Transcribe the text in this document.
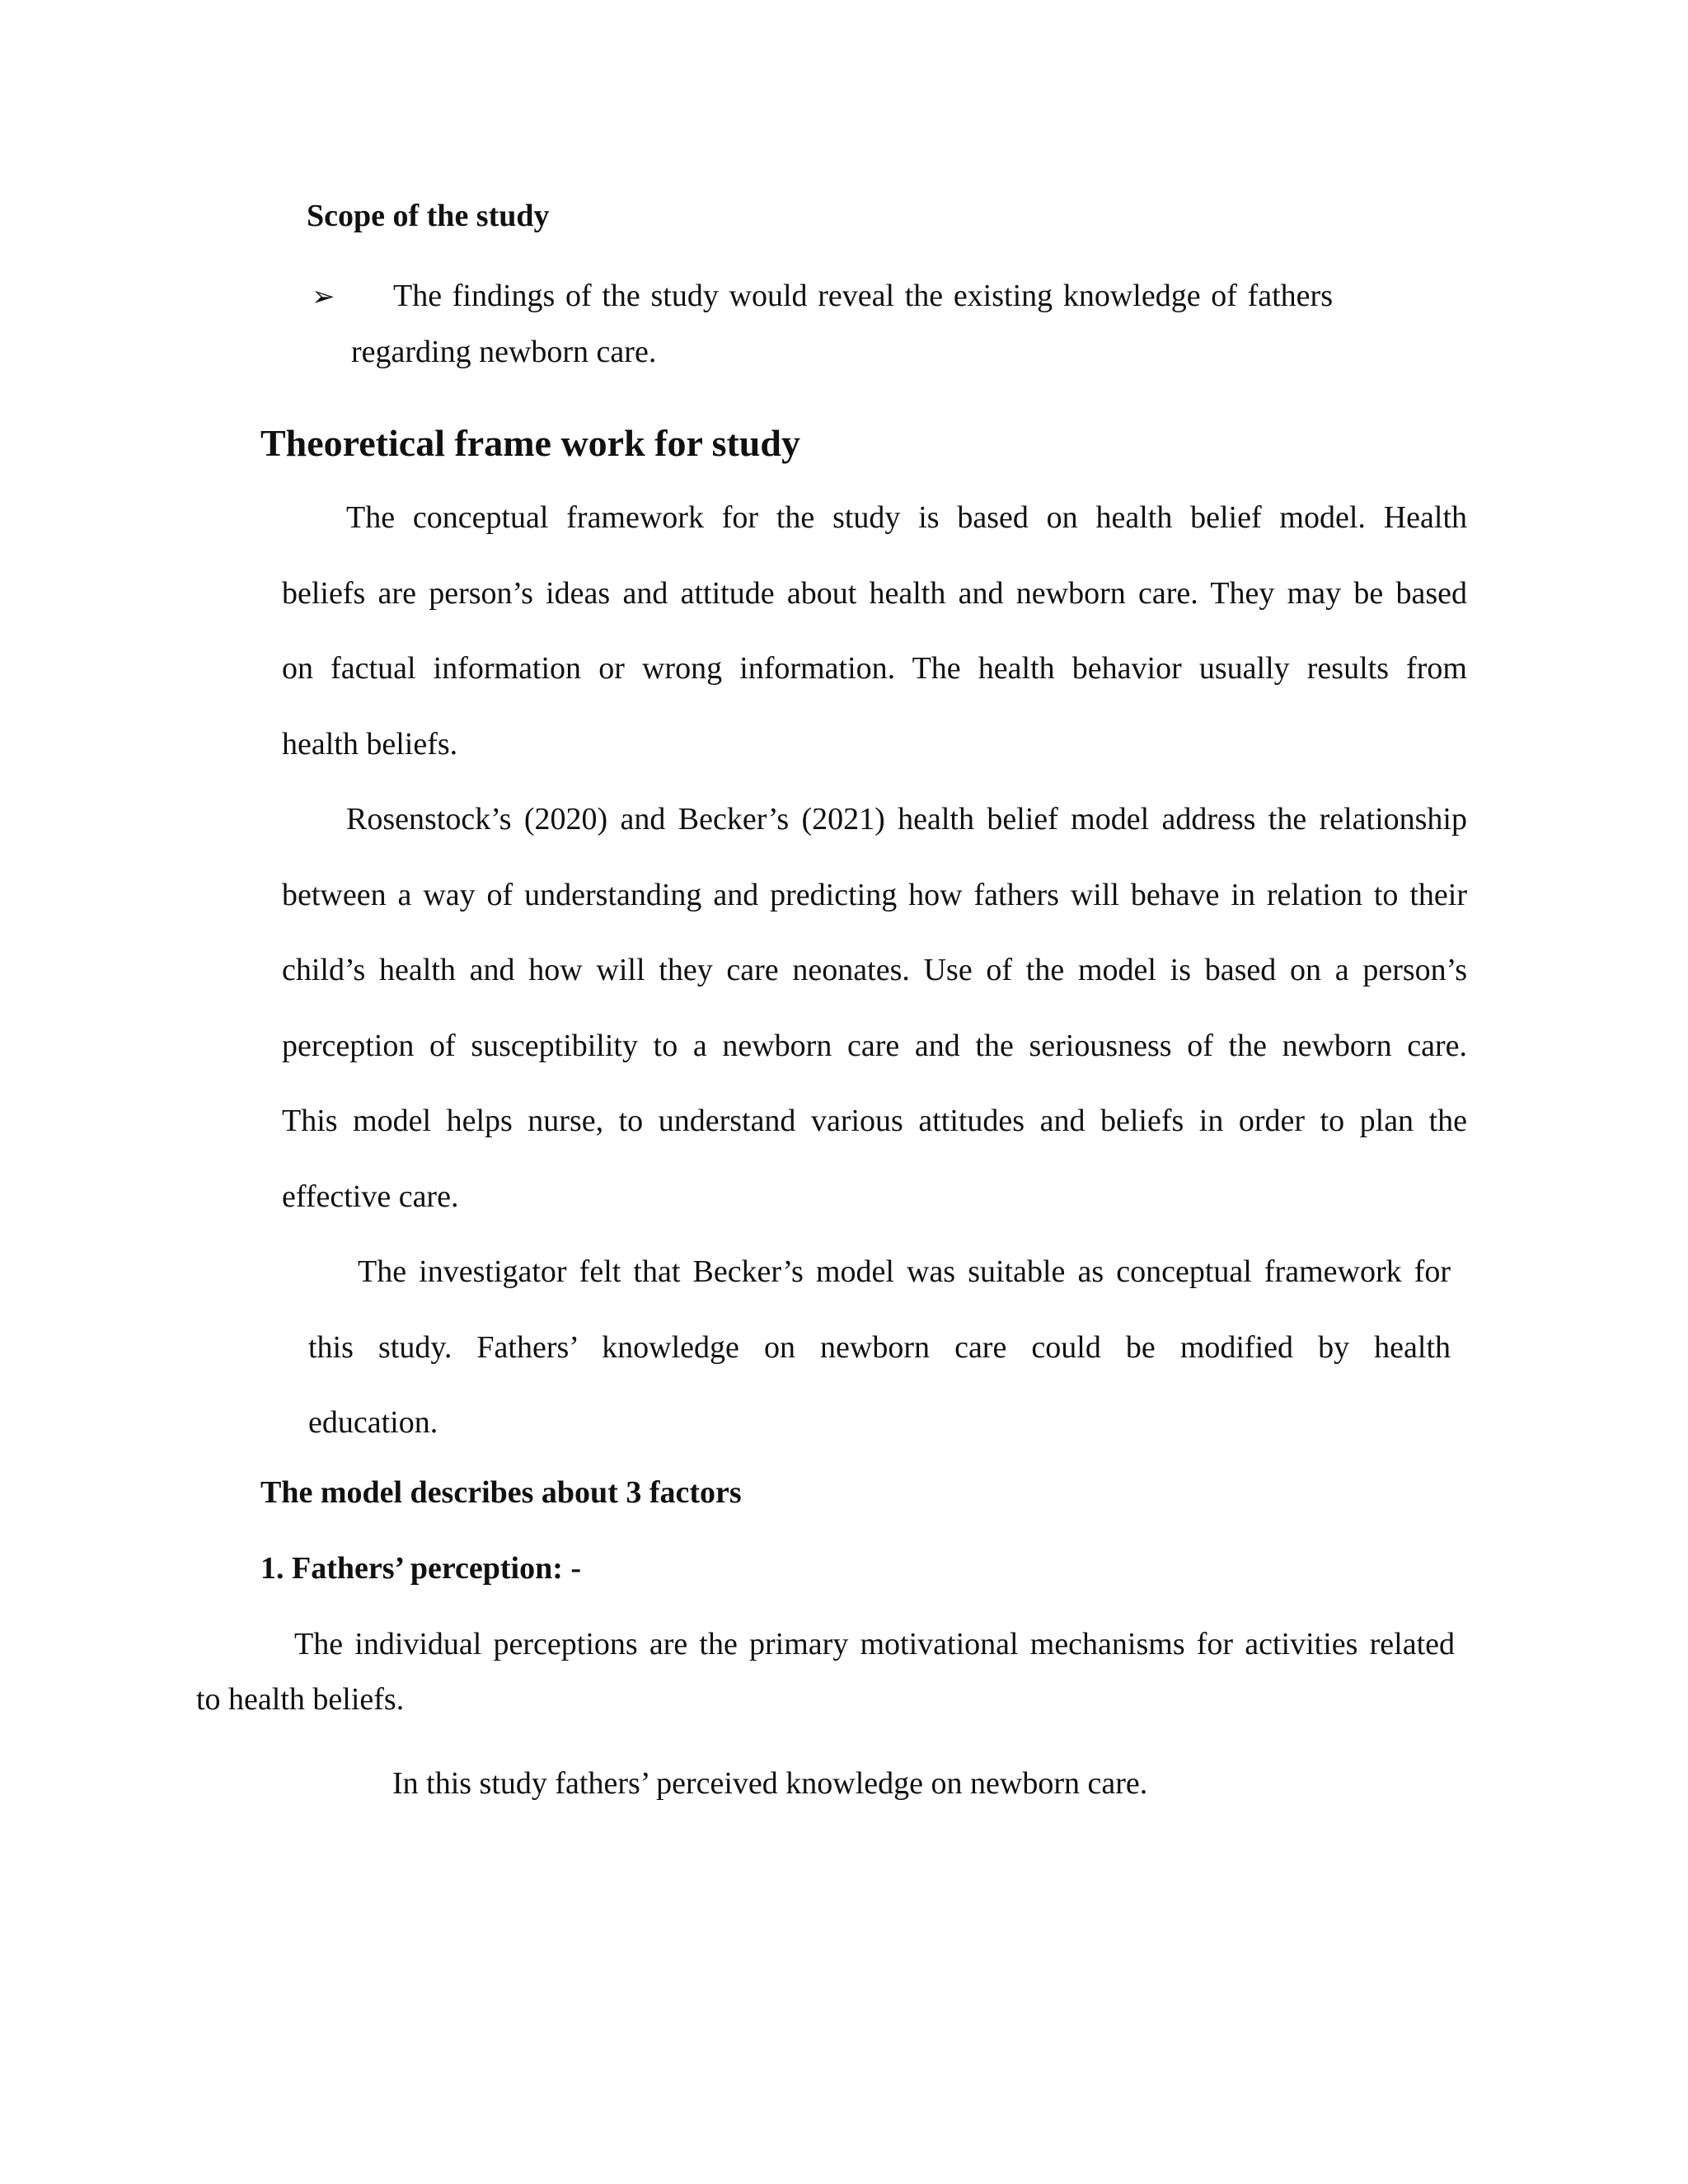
Scope of the study
➢ The findings of the study would reveal the existing knowledge of fathers
regarding newborn care.
Theoretical frame work for study
The conceptual framework for the study is based on health belief model. Health
beliefs are person’s ideas and attitude about health and newborn care. They may be based
on factual information or wrong information. The health behavior usually results from
health beliefs.
Rosenstock’s (2020) and Becker’s (2021) health belief model address the relationship
between a way of understanding and predicting how fathers will behave in relation to their
child’s health and how will they care neonates. Use of the model is based on a person’s
perception of susceptibility to a newborn care and the seriousness of the newborn care.
This model helps nurse, to understand various attitudes and beliefs in order to plan the
effective care.
The investigator felt that Becker’s model was suitable as conceptual framework for
this study. Fathers’ knowledge on newborn care could be modified by health
education.
The model describes about 3 factors
1. Fathers’ perception: -
The individual perceptions are the primary motivational mechanisms for activities related
to health beliefs.
In this study fathers’ perceived knowledge on newborn care.
